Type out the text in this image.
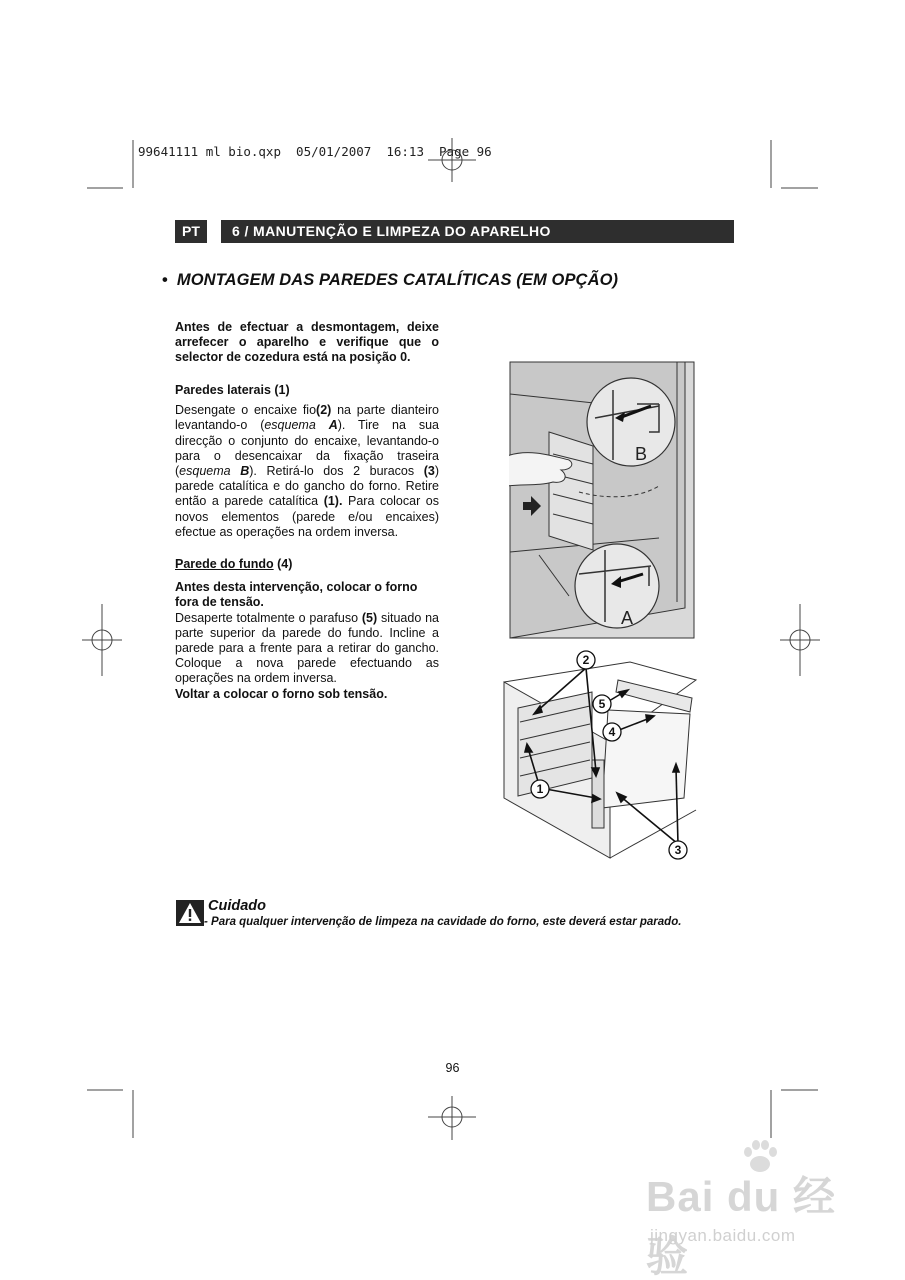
99641111 ml bio.qxp  05/01/2007  16:13  Page 96
PT	6 / MANUTENÇÃO E LIMPEZA DO APARELHO
• MONTAGEM DAS PAREDES CATALÍTICAS (EM OPÇÃO)

Antes de efectuar a desmontagem, deixe arrefecer o aparelho e verifique que o selector de cozedura está na posição 0.

Paredes laterais (1)

Desengate o encaixe fio(2) na parte dianteiro levantando-o (esquema A). Tire na sua direcção o conjunto do encaixe, levantando-o para o desencaixar da fixação traseira (esquema B). Retirá-lo dos 2 buracos (3) parede catalítica e do gancho do forno. Retire então a parede catalítica (1). Para colocar os novos elementos (parede e/ou encaixes) efectue as operações na ordem inversa.

Parede do fundo (4)

Antes desta intervenção, colocar o forno fora de tensão.

Desaperte totalmente o parafuso (5) situado na parte superior da parede do fundo. Incline a parede para a frente para a retirar do gancho. Coloque a nova parede efectuando as operações na ordem inversa.

Voltar a colocar o forno sob tensão.

B
A
1
2
3
4
5
Cuidado
- Para qualquer intervenção de limpeza na cavidade do forno, este deverá estar parado.
96
Bai du 经验
jingyan.baidu.com
